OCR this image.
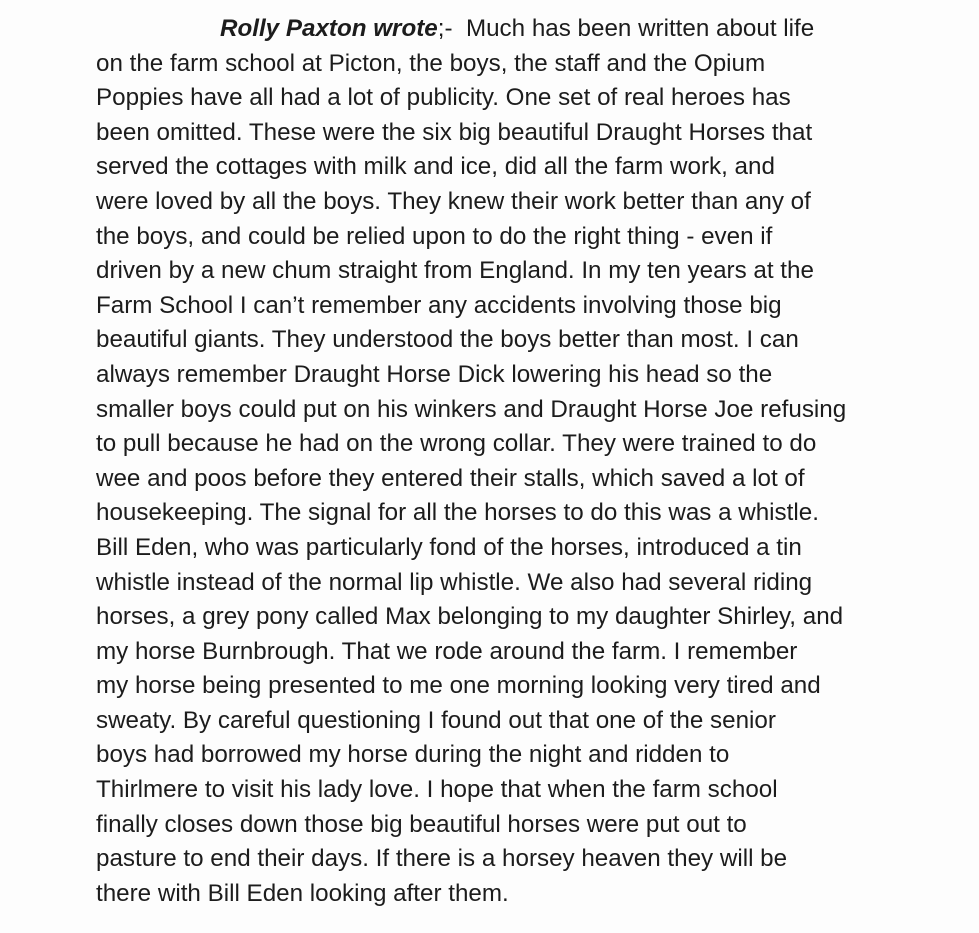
Rolly Paxton wrote;-  Much has been written about life
on the farm school at Picton, the boys, the staff and the Opium
Poppies have all had a lot of publicity. One set of real heroes has
been omitted. These were the six big beautiful Draught Horses that
served the cottages with milk and ice, did all the farm work, and
were loved by all the boys. They knew their work better than any of
the boys, and could be relied upon to do the right thing - even if
driven by a new chum straight from England. In my ten years at the
Farm School I can’t remember any accidents involving those big
beautiful giants. They understood the boys better than most. I can
always remember Draught Horse Dick lowering his head so the
smaller boys could put on his winkers and Draught Horse Joe refusing
to pull because he had on the wrong collar. They were trained to do
wee and poos before they entered their stalls, which saved a lot of
housekeeping. The signal for all the horses to do this was a whistle.
Bill Eden, who was particularly fond of the horses, introduced a tin
whistle instead of the normal lip whistle. We also had several riding
horses, a grey pony called Max belonging to my daughter Shirley, and
my horse Burnbrough. That we rode around the farm. I remember
my horse being presented to me one morning looking very tired and
sweaty. By careful questioning I found out that one of the senior
boys had borrowed my horse during the night and ridden to
Thirlmere to visit his lady love. I hope that when the farm school
finally closes down those big beautiful horses were put out to
pasture to end their days. If there is a horsey heaven they will be
there with Bill Eden looking after them.
